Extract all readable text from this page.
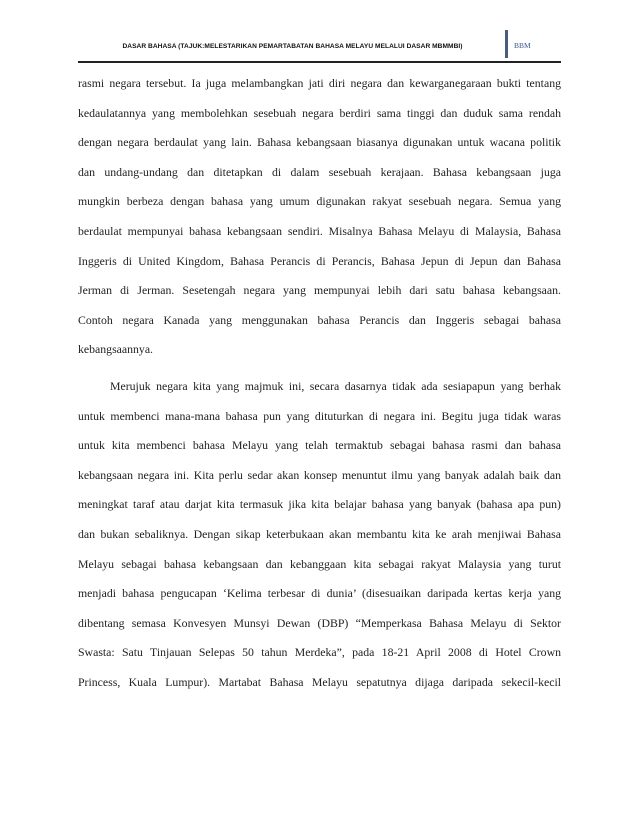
DASAR BAHASA (TAJUK:MELESTARIKAN PEMARTABATAN BAHASA MELAYU MELALUI DASAR MBMMBI)	BBM
rasmi negara tersebut. Ia juga melambangkan jati diri negara dan kewarganegaraan bukti tentang
kedaulatannya yang membolehkan sesebuah negara berdiri sama tinggi dan duduk sama rendah
dengan negara berdaulat yang lain. Bahasa kebangsaan biasanya digunakan untuk wacana politik
dan undang-undang dan ditetapkan di dalam sesebuah kerajaan. Bahasa kebangsaan juga
mungkin berbeza dengan bahasa yang umum digunakan rakyat sesebuah negara. Semua yang
berdaulat mempunyai bahasa kebangsaan sendiri. Misalnya Bahasa Melayu di Malaysia, Bahasa
Inggeris di United Kingdom, Bahasa Perancis di Perancis, Bahasa Jepun di Jepun dan Bahasa
Jerman di Jerman. Sesetengah negara yang mempunyai lebih dari satu bahasa kebangsaan.
Contoh negara Kanada yang menggunakan bahasa Perancis dan Inggeris sebagai bahasa
kebangsaannya.
Merujuk negara kita yang majmuk ini, secara dasarnya tidak ada sesiapapun yang berhak
untuk membenci mana-mana bahasa pun yang dituturkan di negara ini. Begitu juga tidak waras
untuk kita membenci bahasa Melayu yang telah termaktub sebagai bahasa rasmi dan bahasa
kebangsaan negara ini. Kita perlu sedar akan konsep menuntut ilmu yang banyak adalah baik dan
meningkat taraf atau darjat kita termasuk jika kita belajar bahasa yang banyak (bahasa apa pun)
dan bukan sebaliknya. Dengan sikap keterbukaan akan membantu kita ke arah menjiwai Bahasa
Melayu sebagai bahasa kebangsaan dan kebanggaan kita sebagai rakyat Malaysia yang turut
menjadi bahasa pengucapan ‘Kelima terbesar di dunia’ (disesuaikan daripada kertas kerja yang
dibentang semasa Konvesyen Munsyi Dewan (DBP) “Memperkasa Bahasa Melayu di Sektor
Swasta: Satu Tinjauan Selepas 50 tahun Merdeka”, pada 18-21 April 2008 di Hotel Crown
Princess, Kuala Lumpur). Martabat Bahasa Melayu sepatutnya dijaga daripada sekecil-kecil
